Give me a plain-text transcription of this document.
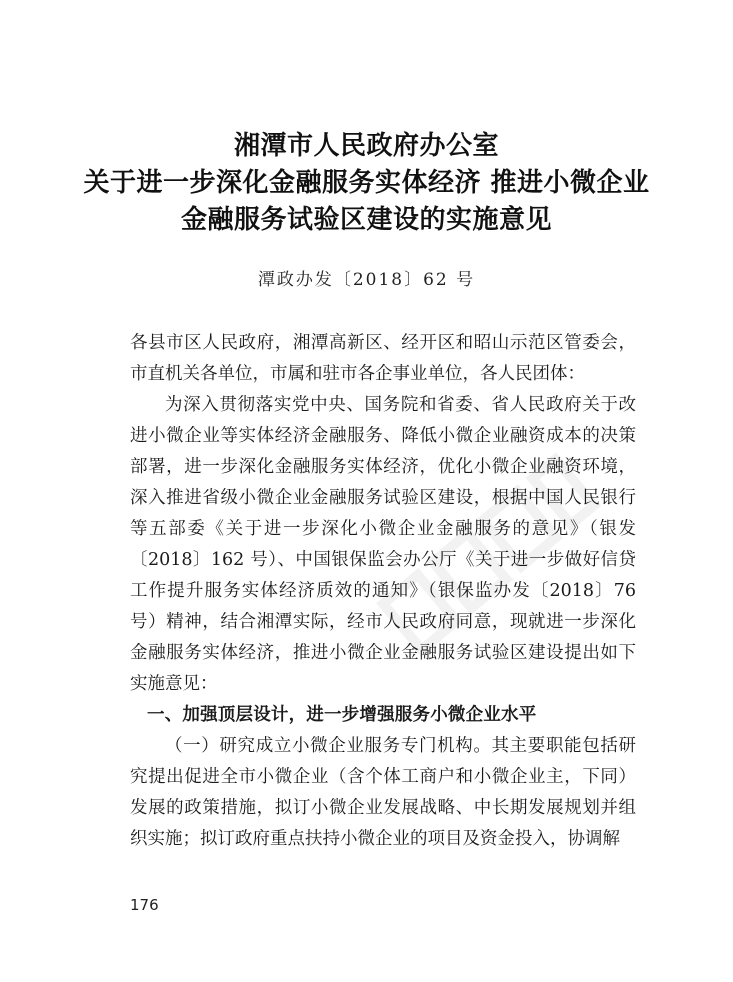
湘潭市人民政府办公室
关于进一步深化金融服务实体经济 推进小微企业
金融服务试验区建设的实施意见
潭政办发〔2018〕62 号

各县市区人民政府，湘潭高新区、经开区和昭山示范区管委会，市直机关各单位，市属和驻市各企事业单位，各人民团体：

为深入贯彻落实党中央、国务院和省委、省人民政府关于改进小微企业等实体经济金融服务、降低小微企业融资成本的决策部署，进一步深化金融服务实体经济，优化小微企业融资环境，深入推进省级小微企业金融服务试验区建设，根据中国人民银行等五部委《关于进一步深化小微企业金融服务的意见》（银发〔2018〕162 号）、中国银保监会办公厅《关于进一步做好信贷工作提升服务实体经济质效的通知》（银保监办发〔2018〕76 号）精神，结合湘潭实际，经市人民政府同意，现就进一步深化金融服务实体经济，推进小微企业金融服务试验区建设提出如下实施意见：

一、加强顶层设计，进一步增强服务小微企业水平

（一）研究成立小微企业服务专门机构。其主要职能包括研究提出促进全市小微企业（含个体工商户和小微企业主，下同）发展的政策措施，拟订小微企业发展战略、中长期发展规划并组织实施；拟订政府重点扶持小微企业的项目及资金投入，协调解

176
